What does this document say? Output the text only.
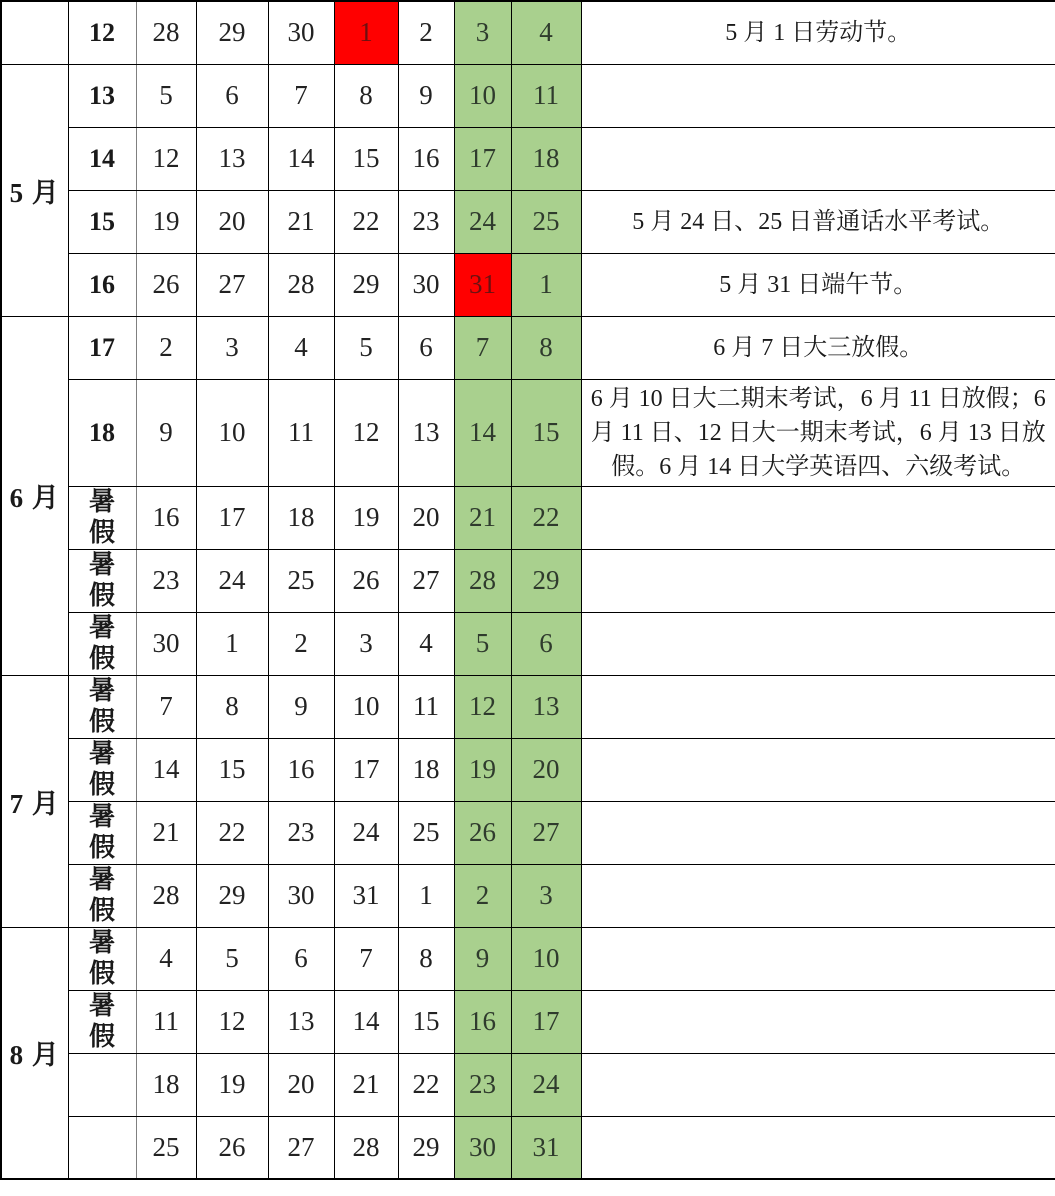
	12	28	29	30	1	2	3	4	5 月 1 日劳动节。
5 月	13	5	6	7	8	9	10	11	
	14	12	13	14	15	16	17	18	
	15	19	20	21	22	23	24	25	5 月 24 日、25 日普通话水平考试。
	16	26	27	28	29	30	31	1	5 月 31 日端午节。
6 月	17	2	3	4	5	6	7	8	6 月 7 日大三放假。
	18	9	10	11	12	13	14	15	6 月 10 日大二期末考试，6 月 11 日放假；6 月 11 日、12 日大一期末考试，6 月 13 日放假。6 月 14 日大学英语四、六级考试。
	暑假	16	17	18	19	20	21	22	
	暑假	23	24	25	26	27	28	29	
	暑假	30	1	2	3	4	5	6	
7 月	暑假	7	8	9	10	11	12	13	
	暑假	14	15	16	17	18	19	20	
	暑假	21	22	23	24	25	26	27	
	暑假	28	29	30	31	1	2	3	
8 月	暑假	4	5	6	7	8	9	10	
	暑假	11	12	13	14	15	16	17	
		18	19	20	21	22	23	24	
		25	26	27	28	29	30	31	
